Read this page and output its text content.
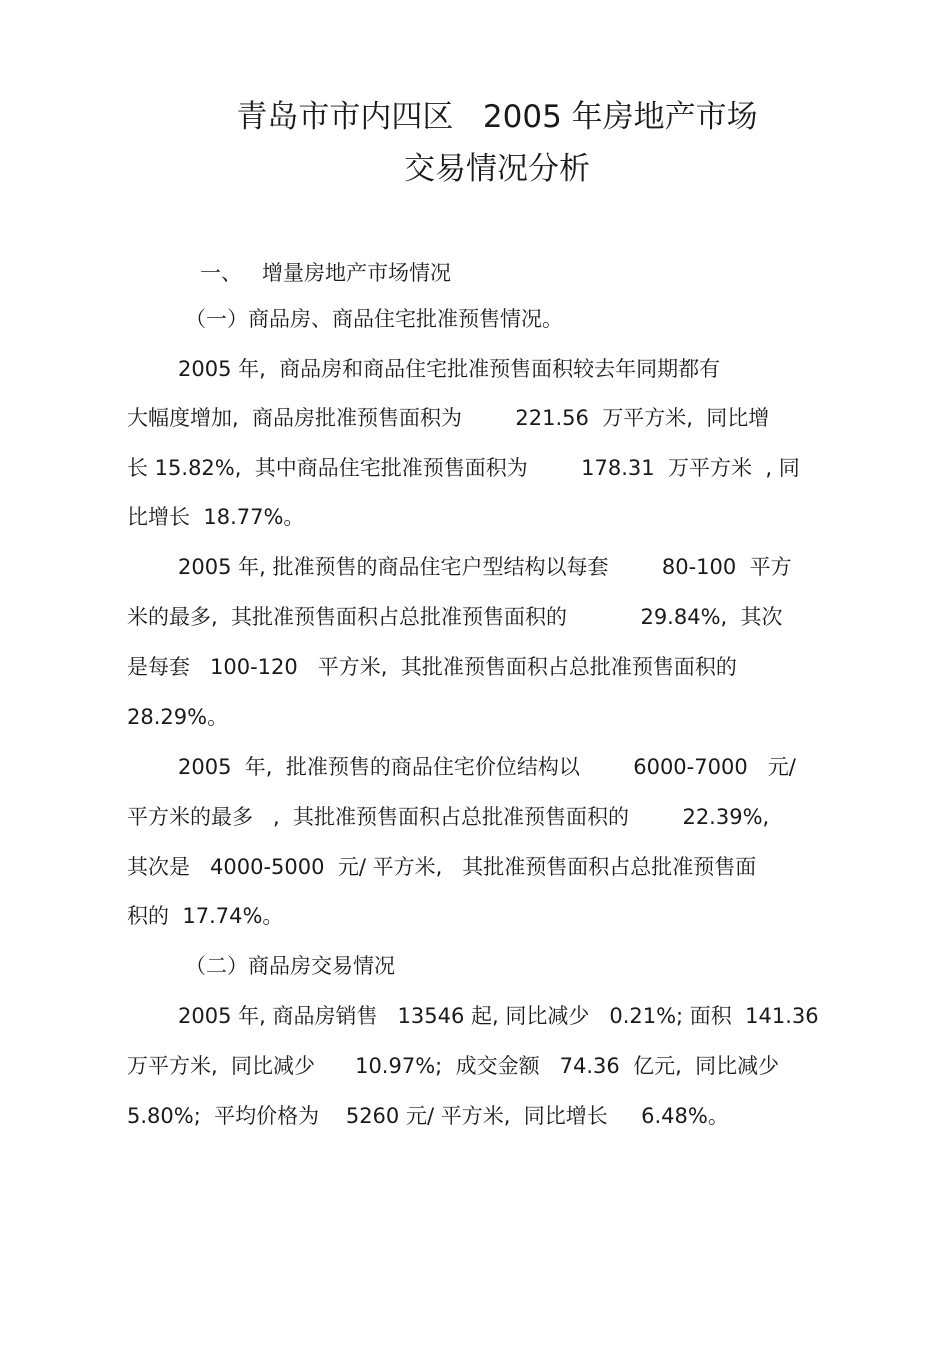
青岛市市内四区   2005 年房地产市场
交易情况分析
一、   增量房地产市场情况
（一）商品房、商品住宅批准预售情况。
2005 年,  商品房和商品住宅批准预售面积较去年同期都有
大幅度增加,  商品房批准预售面积为        221.56  万平方米,  同比增
长 15.82%,  其中商品住宅批准预售面积为        178.31  万平方米  , 同
比增长  18.77%。
2005 年, 批准预售的商品住宅户型结构以每套        80-100  平方
米的最多,  其批准预售面积占总批准预售面积的           29.84%,  其次
是每套   100-120   平方米,  其批准预售面积占总批准预售面积的
28.29%。
2005  年,  批准预售的商品住宅价位结构以        6000-7000   元/
平方米的最多   ,  其批准预售面积占总批准预售面积的        22.39%,
其次是   4000-5000  元/ 平方米,   其批准预售面积占总批准预售面
积的  17.74%。
（二）商品房交易情况
2005 年, 商品房销售   13546 起, 同比减少   0.21%; 面积  141.36
万平方米,  同比减少      10.97%;  成交金额   74.36  亿元,  同比减少
5.80%;  平均价格为    5260 元/ 平方米,  同比增长     6.48%。
